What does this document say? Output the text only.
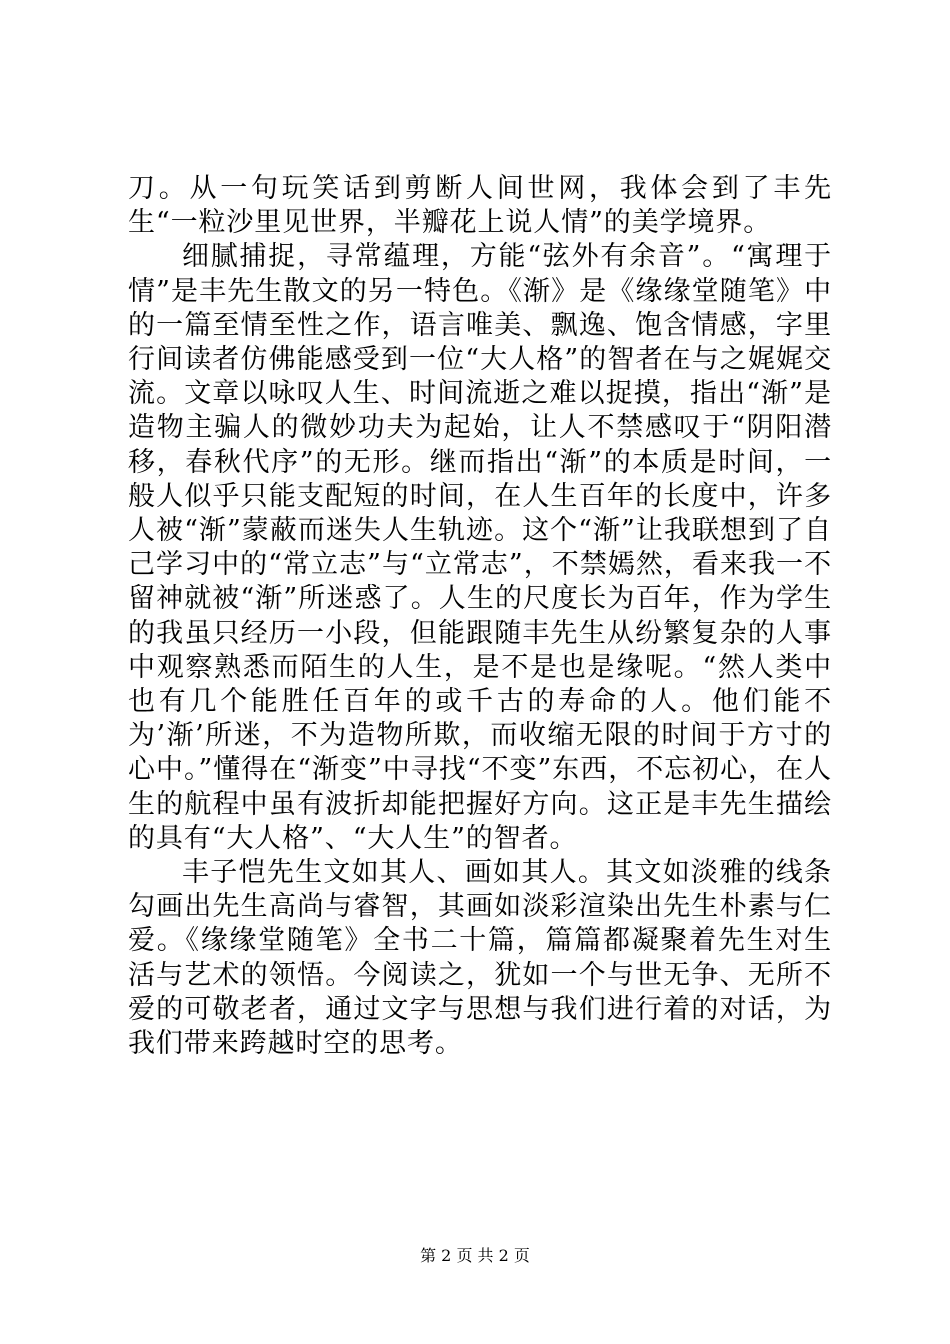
刀。从一句玩笑话到剪断人间世网，我体会到了丰先生“一粒沙里见世界，半瓣花上说人情”的美学境界。

细腻捕捉，寻常蕴理，方能“弦外有余音”。“寓理于情”是丰先生散文的另一特色。《渐》是《缘缘堂随笔》中的一篇至情至性之作，语言唯美、飘逸、饱含情感，字里行间读者仿佛能感受到一位“大人格”的智者在与之娓娓交流。文章以咏叹人生、时间流逝之难以捉摸，指出“渐”是造物主骗人的微妙功夫为起始，让人不禁感叹于“阴阳潜移，春秋代序”的无形。继而指出“渐”的本质是时间，一般人似乎只能支配短的时间，在人生百年的长度中，许多人被“渐”蒙蔽而迷失人生轨迹。这个“渐”让我联想到了自己学习中的“常立志”与“立常志”，不禁嫣然，看来我一不留神就被“渐”所迷惑了。人生的尺度长为百年，作为学生的我虽只经历一小段，但能跟随丰先生从纷繁复杂的人事中观察熟悉而陌生的人生，是不是也是缘呢。“然人类中也有几个能胜任百年的或千古的寿命的人。他们能不为’渐’所迷，不为造物所欺，而收缩无限的时间于方寸的心中。”懂得在“渐变”中寻找“不变”东西，不忘初心，在人生的航程中虽有波折却能把握好方向。这正是丰先生描绘的具有“大人格”、“大人生”的智者。

丰子恺先生文如其人、画如其人。其文如淡雅的线条勾画出先生高尚与睿智，其画如淡彩渲染出先生朴素与仁爱。《缘缘堂随笔》全书二十篇，篇篇都凝聚着先生对生活与艺术的领悟。今阅读之，犹如一个与世无争、无所不爱的可敬老者，通过文字与思想与我们进行着的对话，为我们带来跨越时空的思考。

第 2 页 共 2 页
